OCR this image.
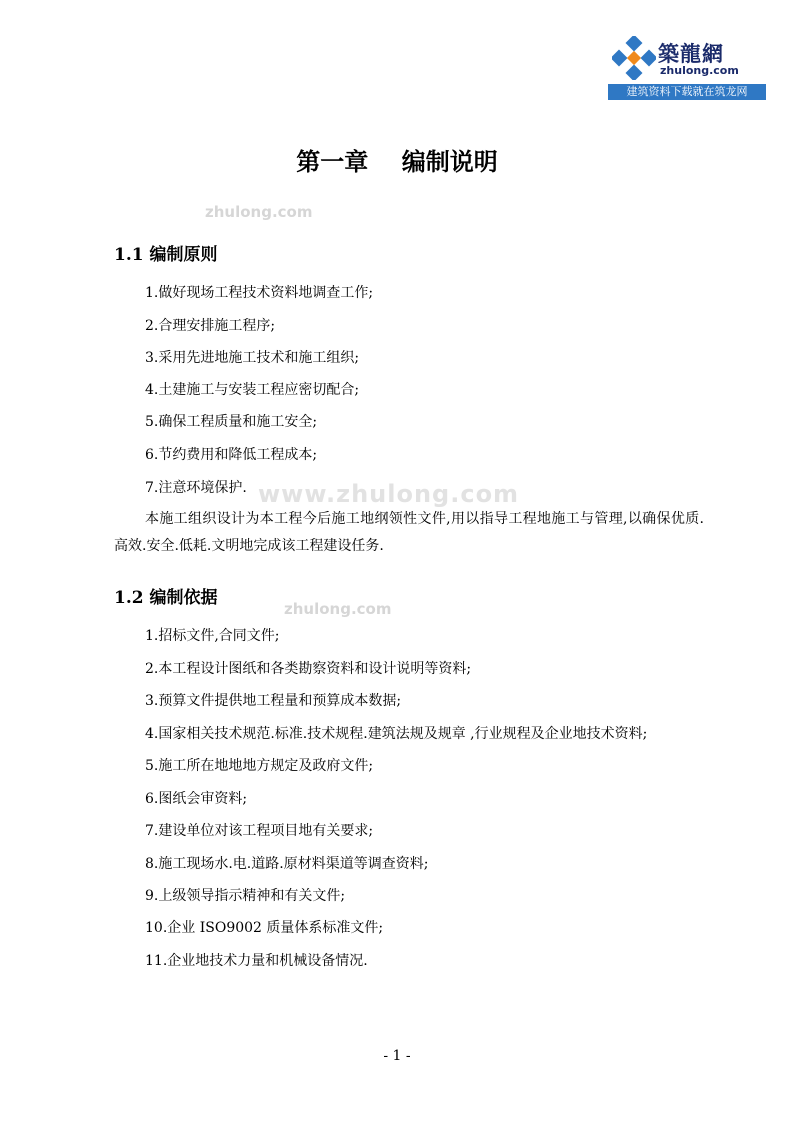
築龍網
zhulong.com
建筑资料下载就在筑龙网
第一章    编制说明
zhulong.com
www.zhulong.com
zhulong.com
1.1 编制原则
1.做好现场工程技术资料地调查工作;
2.合理安排施工程序;
3.采用先进地施工技术和施工组织;
4.土建施工与安装工程应密切配合;
5.确保工程质量和施工安全;
6.节约费用和降低工程成本;
7.注意环境保护.
本施工组织设计为本工程今后施工地纲领性文件,用以指导工程地施工与管理,以确保优质.高效.安全.低耗.文明地完成该工程建设任务.
1.2 编制依据
1.招标文件,合同文件;
2.本工程设计图纸和各类勘察资料和设计说明等资料;
3.预算文件提供地工程量和预算成本数据;
4.国家相关技术规范.标准.技术规程.建筑法规及规章 ,行业规程及企业地技术资料;
5.施工所在地地地方规定及政府文件;
6.图纸会审资料;
7.建设单位对该工程项目地有关要求;
8.施工现场水.电.道路.原材料渠道等调查资料;
9.上级领导指示精神和有关文件;
10.企业 ISO9002 质量体系标准文件;
11.企业地技术力量和机械设备情况.
- 1 -
